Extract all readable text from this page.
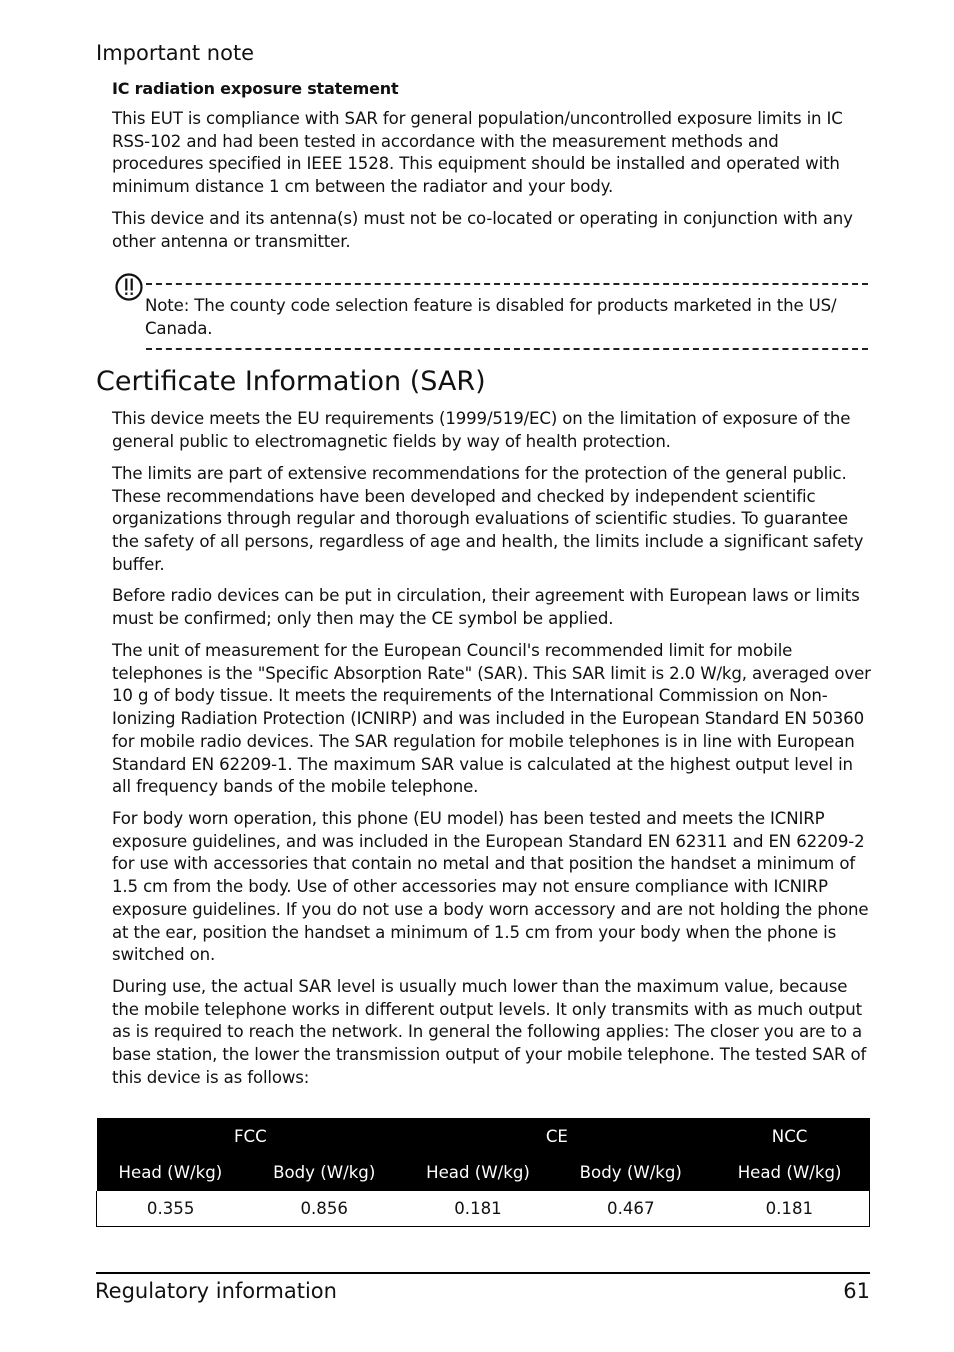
Important note
IC radiation exposure statement

This EUT is compliance with SAR for general population/uncontrolled exposure limits in IC RSS-102 and had been tested in accordance with the measurement methods and procedures specified in IEEE 1528. This equipment should be installed and operated with minimum distance 1 cm between the radiator and your body.

This device and its antenna(s) must not be co-located or operating in conjunction with any other antenna or transmitter.

Note: The county code selection feature is disabled for products marketed in the US/ Canada.
Certificate Information (SAR)

This device meets the EU requirements (1999/519/EC) on the limitation of exposure of the general public to electromagnetic fields by way of health protection.

The limits are part of extensive recommendations for the protection of the general public. These recommendations have been developed and checked by independent scientific organizations through regular and thorough evaluations of scientific studies. To guarantee the safety of all persons, regardless of age and health, the limits include a significant safety buffer.

Before radio devices can be put in circulation, their agreement with European laws or limits must be confirmed; only then may the CE symbol be applied.

The unit of measurement for the European Council's recommended limit for mobile telephones is the "Specific Absorption Rate" (SAR). This SAR limit is 2.0 W/kg, averaged over 10 g of body tissue. It meets the requirements of the International Commission on Non-Ionizing Radiation Protection (ICNIRP) and was included in the European Standard EN 50360 for mobile radio devices. The SAR regulation for mobile telephones is in line with European Standard EN 62209-1. The maximum SAR value is calculated at the highest output level in all frequency bands of the mobile telephone.

For body worn operation, this phone (EU model) has been tested and meets the ICNIRP exposure guidelines, and was included in the European Standard EN 62311 and EN 62209-2 for use with accessories that contain no metal and that position the handset a minimum of 1.5 cm from the body. Use of other accessories may not ensure compliance with ICNIRP exposure guidelines. If you do not use a body worn accessory and are not holding the phone at the ear, position the handset a minimum of 1.5 cm from your body when the phone is switched on.

During use, the actual SAR level is usually much lower than the maximum value, because the mobile telephone works in different output levels. It only transmits with as much output as is required to reach the network. In general the following applies: The closer you are to a base station, the lower the transmission output of your mobile telephone. The tested SAR of this device is as follows:

FCC		CE		NCC
Head (W/kg)	Body (W/kg)	Head (W/kg)	Body (W/kg)	Head (W/kg)
0.355	0.856	0.181	0.467	0.181
Regulatory information	61
